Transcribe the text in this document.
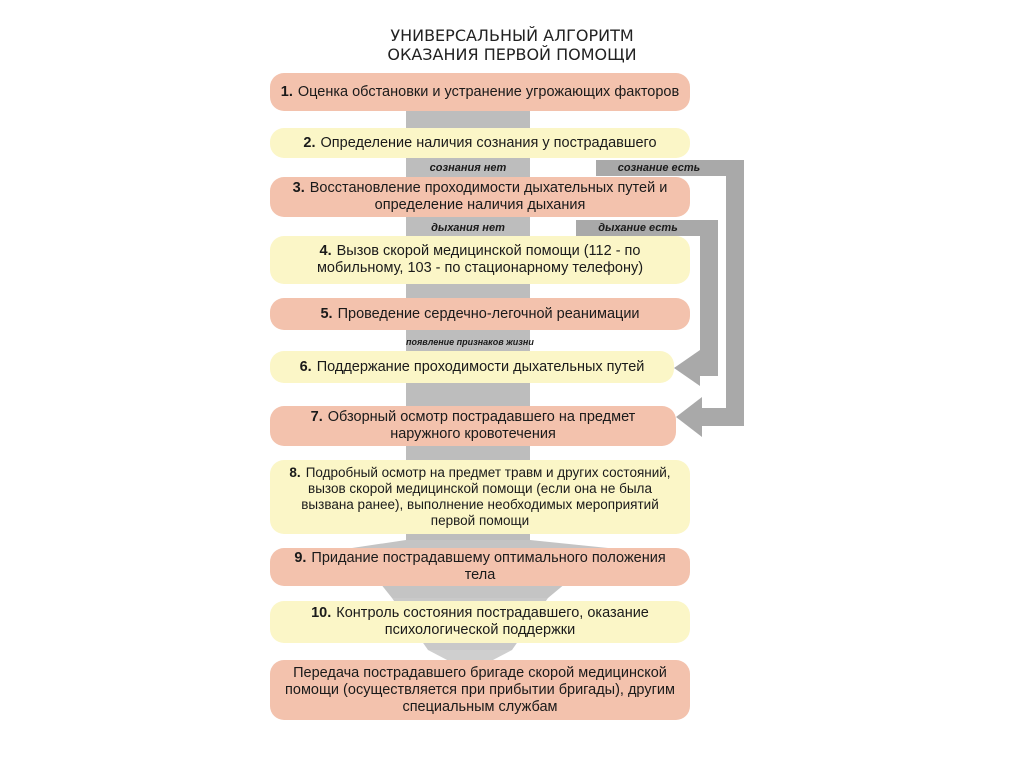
УНИВЕРСАЛЬНЫЙ АЛГОРИТМ
ОКАЗАНИЯ ПЕРВОЙ ПОМОЩИ
сознания нет	сознание есть
дыхания нет	дыхание есть
появление признаков жизни
1. Оценка обстановки и устранение угрожающих факторов
2. Определение наличия сознания у пострадавшего
3. Восстановление проходимости дыхательных путей и определение наличия дыхания
4. Вызов скорой медицинской помощи (112 - по мобильному, 103 - по стационарному телефону)
5. Проведение сердечно-легочной реанимации
6. Поддержание проходимости дыхательных путей
7. Обзорный осмотр пострадавшего на предмет наружного кровотечения
8. Подробный осмотр на предмет травм и других состояний, вызов скорой медицинской помощи (если она не была вызвана ранее), выполнение необходимых мероприятий первой помощи
9. Придание пострадавшему оптимального положения тела
10. Контроль состояния пострадавшего, оказание психологической поддержки
Передача пострадавшего бригаде скорой медицинской помощи (осуществляется при прибытии бригады), другим специальным службам
